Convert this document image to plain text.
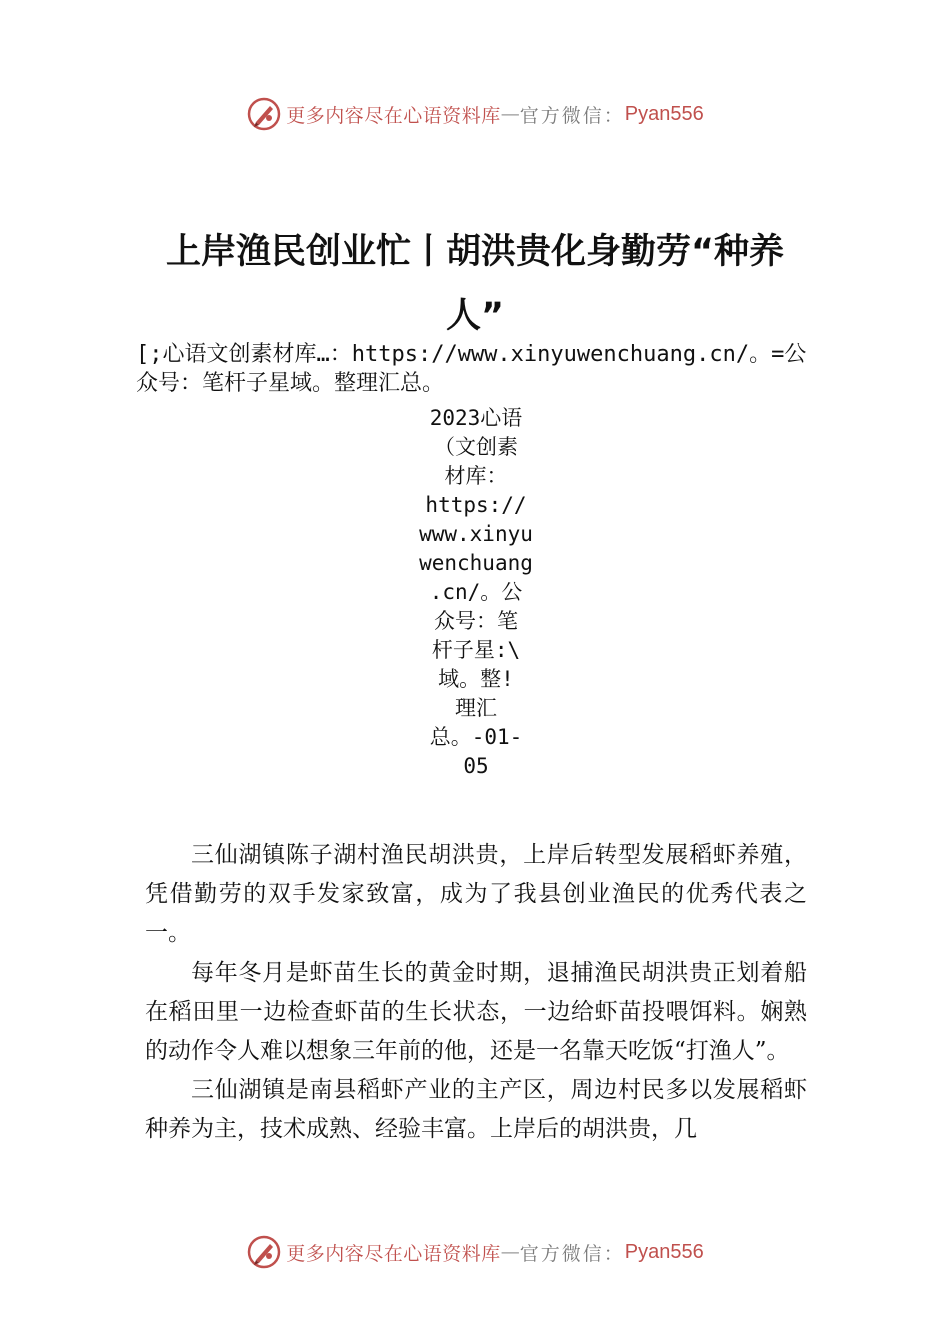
更多内容尽在心语资料库 — 官方微信： Pyan556
上岸渔民创业忙丨胡洪贵化身勤劳“种养人”

[;心语文创素材库…：https://www.xinyuwenchuang.cn/。=公众号：笔杆子星域。整理汇总。

2023心语
（文创素
材库：
https://
www.xinyu
wenchuang
.cn/。公
众号：笔
杆子星:\
域。整!
理汇
总。-01-
05

三仙湖镇陈子湖村渔民胡洪贵，上岸后转型发展稻虾养殖，凭借勤劳的双手发家致富，成为了我县创业渔民的优秀代表之一。

每年冬月是虾苗生长的黄金时期，退捕渔民胡洪贵正划着船在稻田里一边检查虾苗的生长状态，一边给虾苗投喂饵料。娴熟的动作令人难以想象三年前的他，还是一名靠天吃饭“打渔人”。

三仙湖镇是南县稻虾产业的主产区，周边村民多以发展稻虾种养为主，技术成熟、经验丰富。上岸后的胡洪贵，几

更多内容尽在心语资料库 — 官方微信： Pyan556
